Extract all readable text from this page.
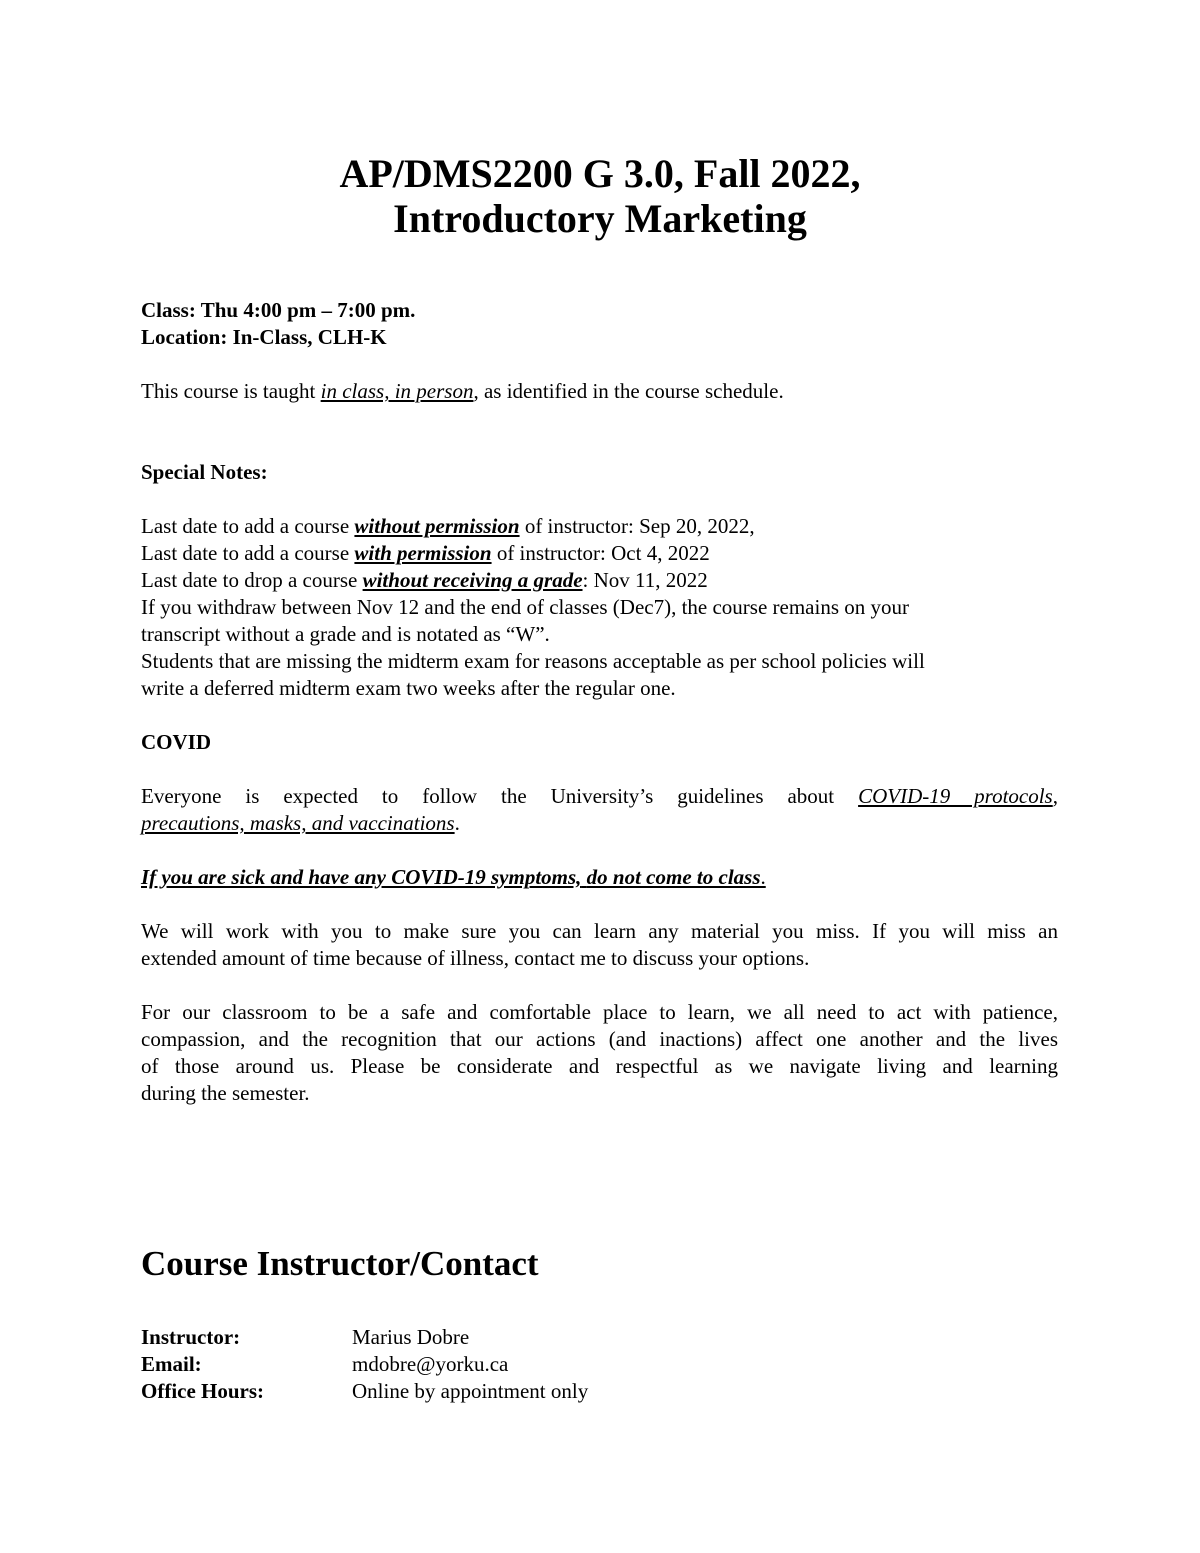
AP/DMS2200 G 3.0, Fall 2022,
Introductory Marketing

Class: Thu 4:00 pm – 7:00 pm.

Location: In-Class, CLH-K

This course is taught in class, in person, as identified in the course schedule.

Special Notes:

Last date to add a course without permission of instructor: Sep 20, 2022,

Last date to add a course with permission of instructor: Oct 4, 2022

Last date to drop a course without receiving a grade: Nov 11, 2022

If you withdraw between Nov 12 and the end of classes (Dec7), the course remains on your

transcript without a grade and is notated as “W”.

Students that are missing the midterm exam for reasons acceptable as per school policies will

write a deferred midterm exam two weeks after the regular one.

COVID

Everyone is expected to follow the University’s guidelines about COVID-19 protocols,

precautions, masks, and vaccinations.

If you are sick and have any COVID-19 symptoms, do not come to class.

We will work with you to make sure you can learn any material you miss. If you will miss an

extended amount of time because of illness, contact me to discuss your options.

For our classroom to be a safe and comfortable place to learn, we all need to act with patience,

compassion, and the recognition that our actions (and inactions) affect one another and the lives

of those around us. Please be considerate and respectful as we navigate living and learning

during the semester.

Course Instructor/Contact
Instructor:	Marius Dobre
Email:	mdobre@yorku.ca
Office Hours:	Online by appointment only
